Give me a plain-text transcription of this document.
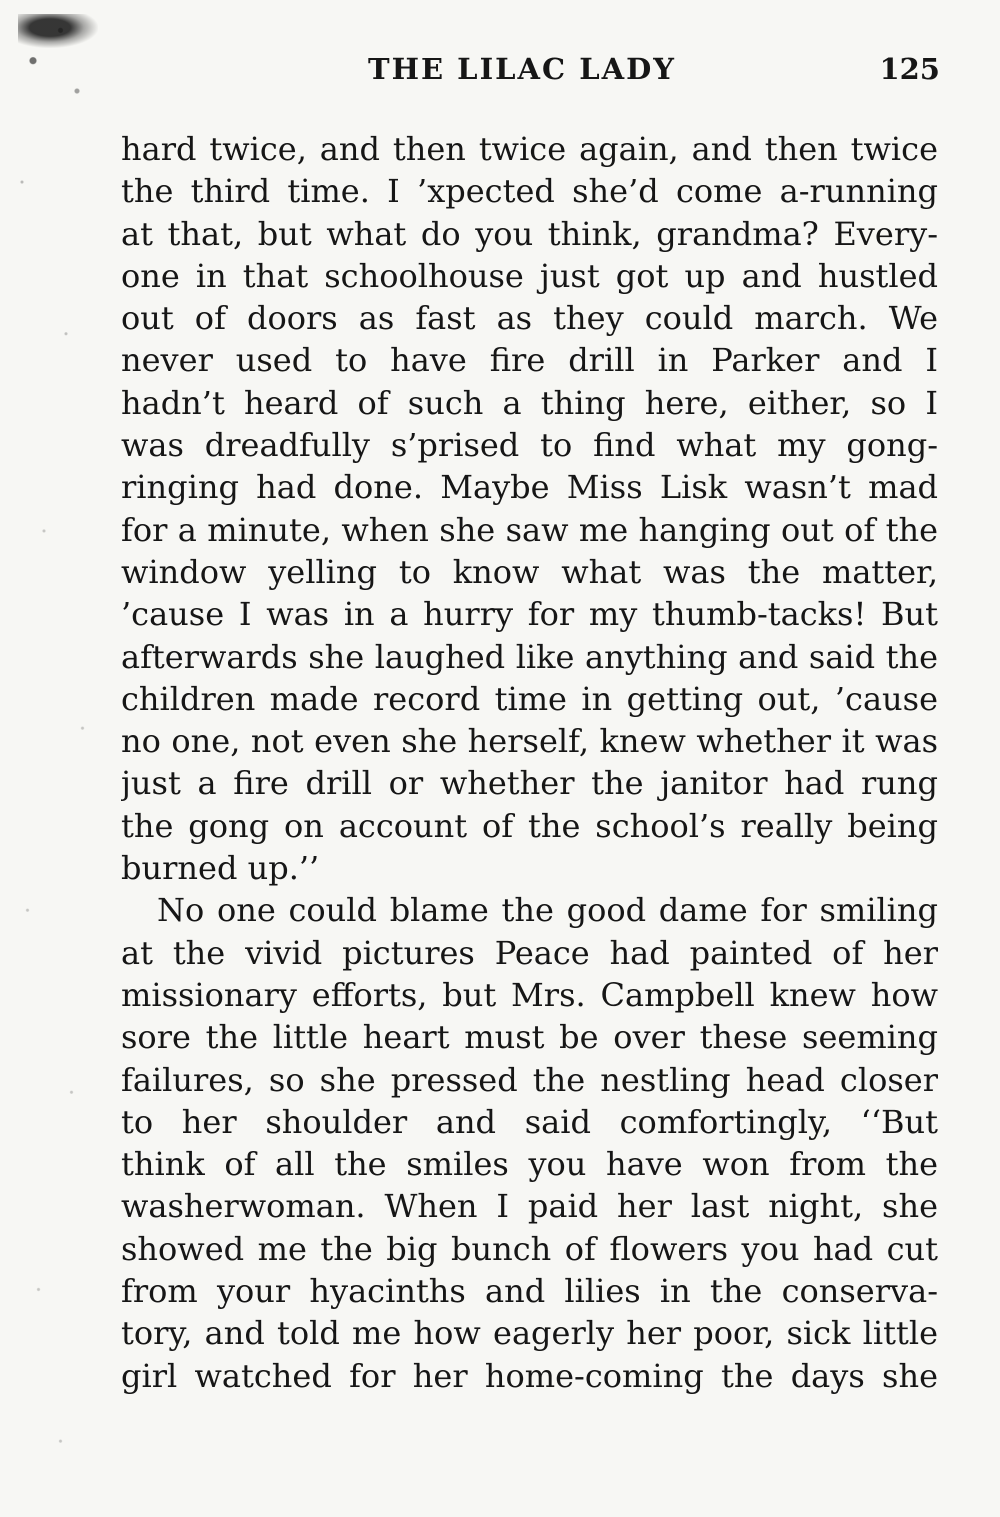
THE LILAC LADY	125
hard twice, and then twice again, and then twice
the third time. I ’xpected she’d come a-running
at that, but what do you think, grandma? Every-
one in that schoolhouse just got up and hustled
out of doors as fast as they could march. We
never used to have fire drill in Parker and I
hadn’t heard of such a thing here, either, so I
was dreadfully s’prised to find what my gong-
ringing had done. Maybe Miss Lisk wasn’t mad
for a minute, when she saw me hanging out of the
window yelling to know what was the matter,
’cause I was in a hurry for my thumb-tacks! But
afterwards she laughed like anything and said the
children made record time in getting out, ’cause
no one, not even she herself, knew whether it was
just a fire drill or whether the janitor had rung
the gong on account of the school’s really being
burned up.’’
No one could blame the good dame for smiling
at the vivid pictures Peace had painted of her
missionary efforts, but Mrs. Campbell knew how
sore the little heart must be over these seeming
failures, so she pressed the nestling head closer
to her shoulder and said comfortingly, ‘‘But
think of all the smiles you have won from the
washerwoman. When I paid her last night, she
showed me the big bunch of flowers you had cut
from your hyacinths and lilies in the conserva-
tory, and told me how eagerly her poor, sick little
girl watched for her home-coming the days she
